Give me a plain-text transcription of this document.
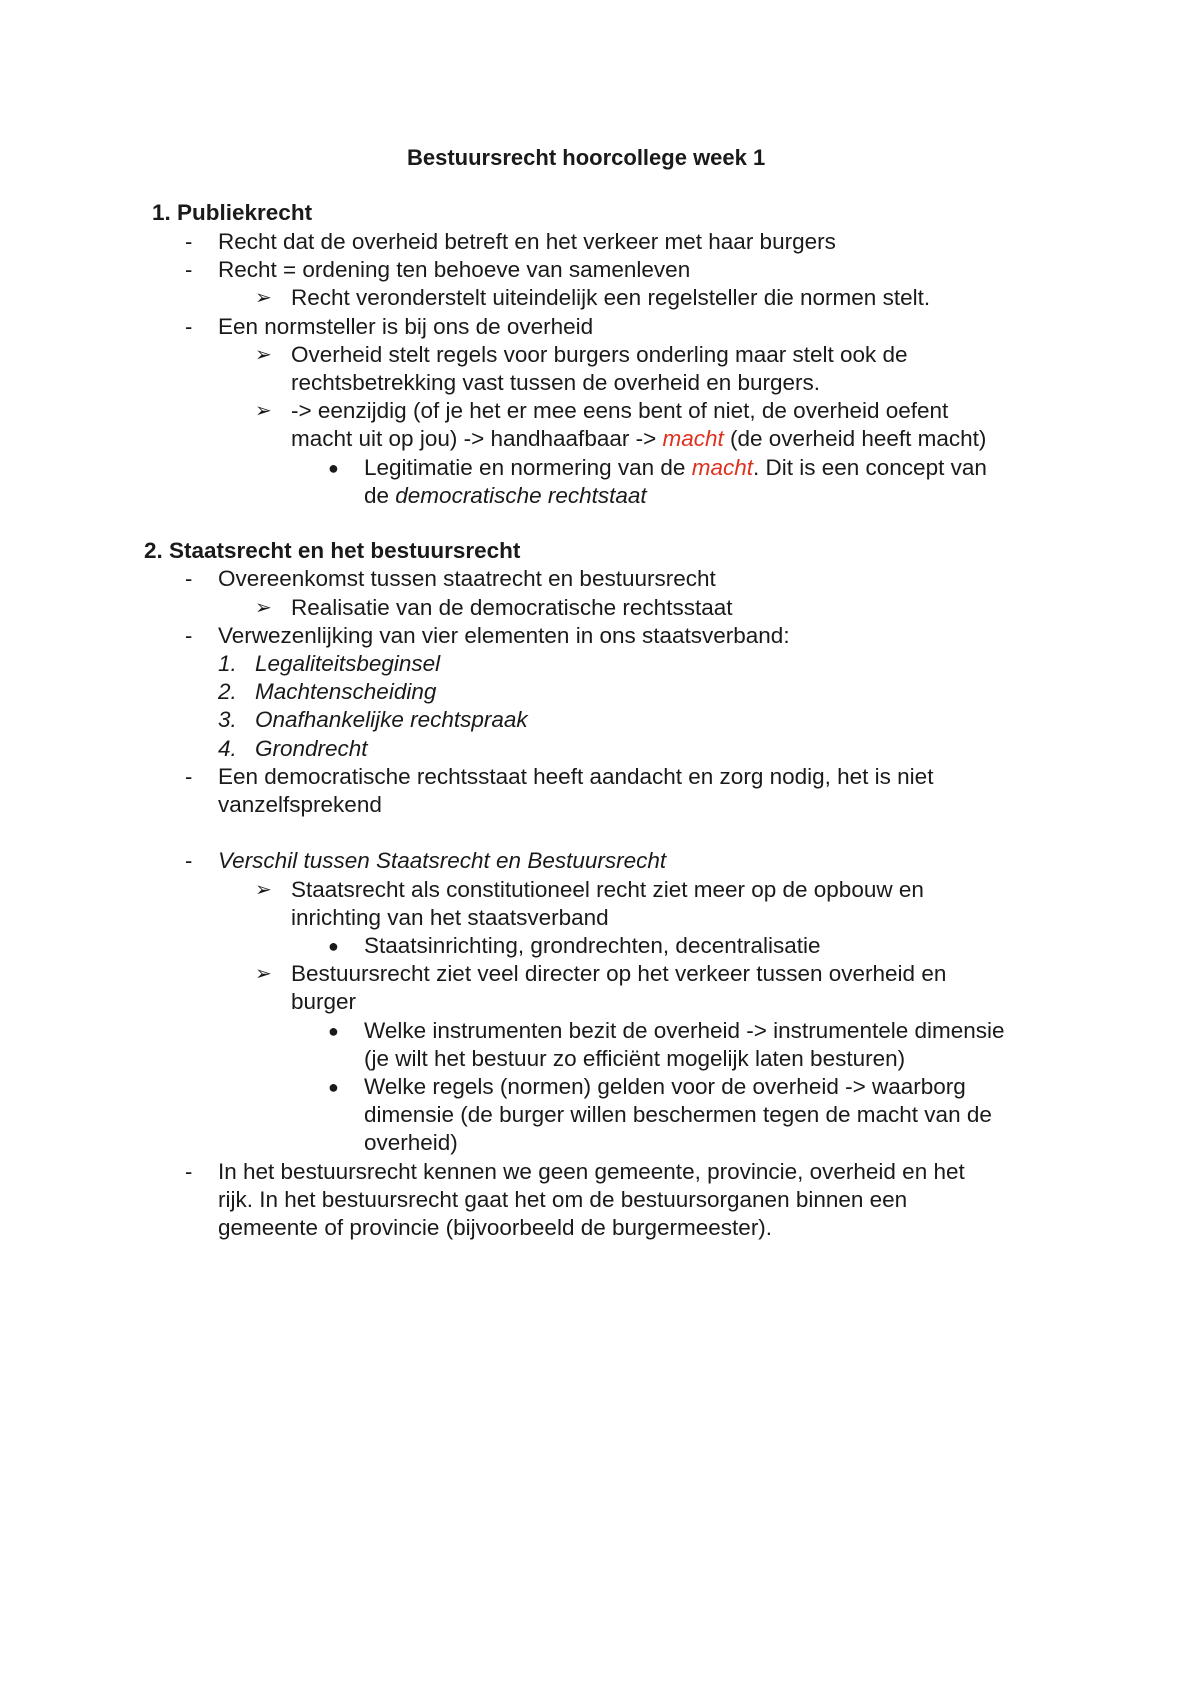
Bestuursrecht hoorcollege week 1
1. Publiekrecht
- Recht dat de overheid betreft en het verkeer met haar burgers
- Recht = ordening ten behoeve van samenleven
➢ Recht veronderstelt uiteindelijk een regelsteller die normen stelt.
- Een normsteller is bij ons de overheid
➢ Overheid stelt regels voor burgers onderling maar stelt ook de
rechtsbetrekking vast tussen de overheid en burgers.
➢ -> eenzijdig (of je het er mee eens bent of niet, de overheid oefent
macht uit op jou) -> handhaafbaar -> macht (de overheid heeft macht)
● Legitimatie en normering van de macht. Dit is een concept van
de democratische rechtstaat
2. Staatsrecht en het bestuursrecht
- Overeenkomst tussen staatrecht en bestuursrecht
➢ Realisatie van de democratische rechtsstaat
- Verwezenlijking van vier elementen in ons staatsverband:
1. Legaliteitsbeginsel
2. Machtenscheiding
3. Onafhankelijke rechtspraak
4. Grondrecht
- Een democratische rechtsstaat heeft aandacht en zorg nodig, het is niet
vanzelfsprekend
- Verschil tussen Staatsrecht en Bestuursrecht
➢ Staatsrecht als constitutioneel recht ziet meer op de opbouw en
inrichting van het staatsverband
● Staatsinrichting, grondrechten, decentralisatie
➢ Bestuursrecht ziet veel directer op het verkeer tussen overheid en
burger
● Welke instrumenten bezit de overheid -> instrumentele dimensie
(je wilt het bestuur zo efficiënt mogelijk laten besturen)
● Welke regels (normen) gelden voor de overheid -> waarborg
dimensie (de burger willen beschermen tegen de macht van de
overheid)
- In het bestuursrecht kennen we geen gemeente, provincie, overheid en het
rijk. In het bestuursrecht gaat het om de bestuursorganen binnen een
gemeente of provincie (bijvoorbeeld de burgermeester).
